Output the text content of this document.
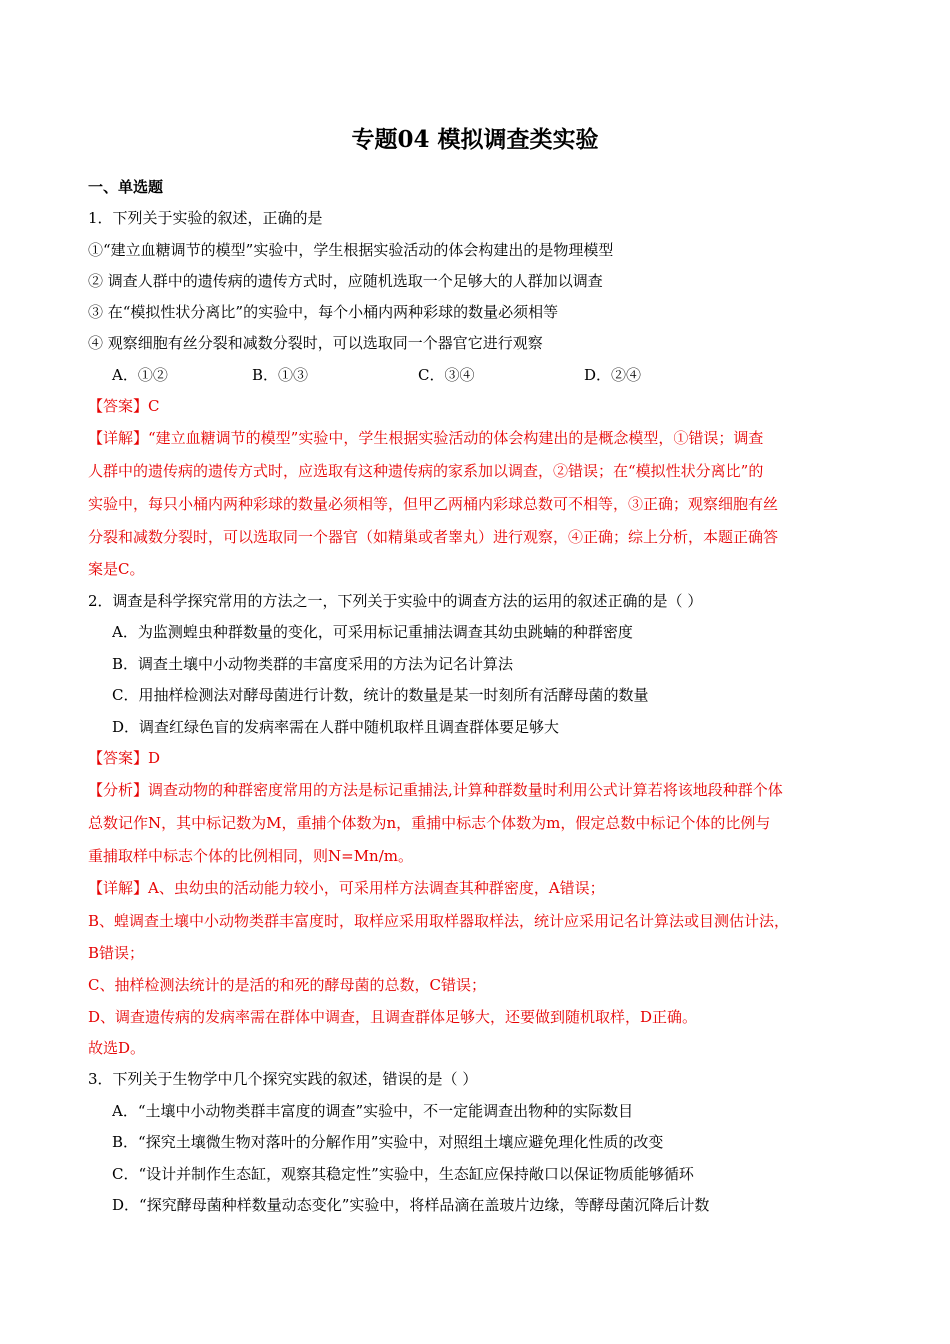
专题04 模拟调查类实验
一、单选题
1．下列关于实验的叙述，正确的是
①“建立血糖调节的模型”实验中，学生根据实验活动的体会构建出的是物理模型
② 调查人群中的遗传病的遗传方式时，应随机选取一个足够大的人群加以调查
③ 在“模拟性状分离比”的实验中，每个小桶内两种彩球的数量必须相等
④ 观察细胞有丝分裂和减数分裂时，可以选取同一个器官它进行观察
A．①②	B．①③	C．③④	D．②④
【答案】C
【详解】“建立血糖调节的模型”实验中，学生根据实验活动的体会构建出的是概念模型，①错误；调查
人群中的遗传病的遗传方式时，应选取有这种遗传病的家系加以调查，②错误；在“模拟性状分离比”的
实验中，每只小桶内两种彩球的数量必须相等，但甲乙两桶内彩球总数可不相等，③正确；观察细胞有丝
分裂和减数分裂时，可以选取同一个器官（如精巢或者睾丸）进行观察，④正确；综上分析，本题正确答
案是C。
2．调查是科学探究常用的方法之一，下列关于实验中的调查方法的运用的叙述正确的是（ ）
A．为监测蝗虫种群数量的变化，可采用标记重捕法调查其幼虫跳蝻的种群密度
B．调查土壤中小动物类群的丰富度采用的方法为记名计算法
C．用抽样检测法对酵母菌进行计数，统计的数量是某一时刻所有活酵母菌的数量
D．调查红绿色盲的发病率需在人群中随机取样且调查群体要足够大
【答案】D
【分析】调查动物的种群密度常用的方法是标记重捕法,计算种群数量时利用公式计算若将该地段种群个体
总数记作N，其中标记数为M，重捕个体数为n，重捕中标志个体数为m，假定总数中标记个体的比例与
重捕取样中标志个体的比例相同，则N=Mn/m。
【详解】A、虫幼虫的活动能力较小，可采用样方法调查其种群密度，A错误；
B、蝗调查土壤中小动物类群丰富度时，取样应采用取样器取样法，统计应采用记名计算法或目测估计法，
B错误；
C、抽样检测法统计的是活的和死的酵母菌的总数，C错误；
D、调查遗传病的发病率需在群体中调查，且调查群体足够大，还要做到随机取样，D正确。
故选D。
3．下列关于生物学中几个探究实践的叙述，错误的是（ ）
A．“土壤中小动物类群丰富度的调查”实验中，不一定能调查出物种的实际数目
B．“探究土壤微生物对落叶的分解作用”实验中，对照组土壤应避免理化性质的改变
C．“设计并制作生态缸，观察其稳定性”实验中，生态缸应保持敞口以保证物质能够循环
D．“探究酵母菌种样数量动态变化”实验中，将样品滴在盖玻片边缘，等酵母菌沉降后计数
